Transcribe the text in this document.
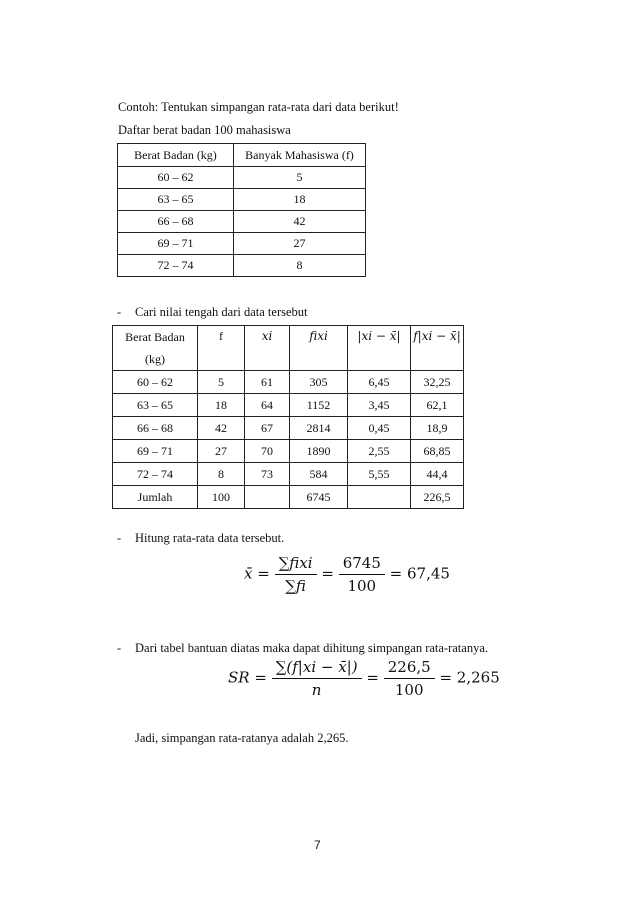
Contoh: Tentukan simpangan rata-rata dari data berikut!
Daftar berat badan 100 mahasiswa
Berat Badan (kg)	Banyak Mahasiswa (f)
60 – 62	5
63 – 65	18
66 – 68	42
69 – 71	27
72 – 74	8
- Cari nilai tengah dari data tersebut
Berat Badan
(kg)	f	xi	fixi	|xi − x̄|	f|xi − x̄|
60 – 62	5	61	305	6,45	32,25
63 – 65	18	64	1152	3,45	62,1
66 – 68	42	67	2814	0,45	18,9
69 – 71	27	70	1890	2,55	68,85
72 – 74	8	73	584	5,55	44,4
Jumlah	100		6745		226,5
- Hitung rata-rata data tersebut.
x̄ = $\frac{\text{∑fixi}}{\sum fi} = \frac{6745}{100} = 67,45$
- Dari tabel bantuan diatas maka dapat dihitung simpangan rata-ratanya.
SR = $\frac{\sum(f|xi - x̄|)}{n} = \frac{226,5}{100} = 2,265$
Jadi, simpangan rata-ratanya adalah 2,265.
7
